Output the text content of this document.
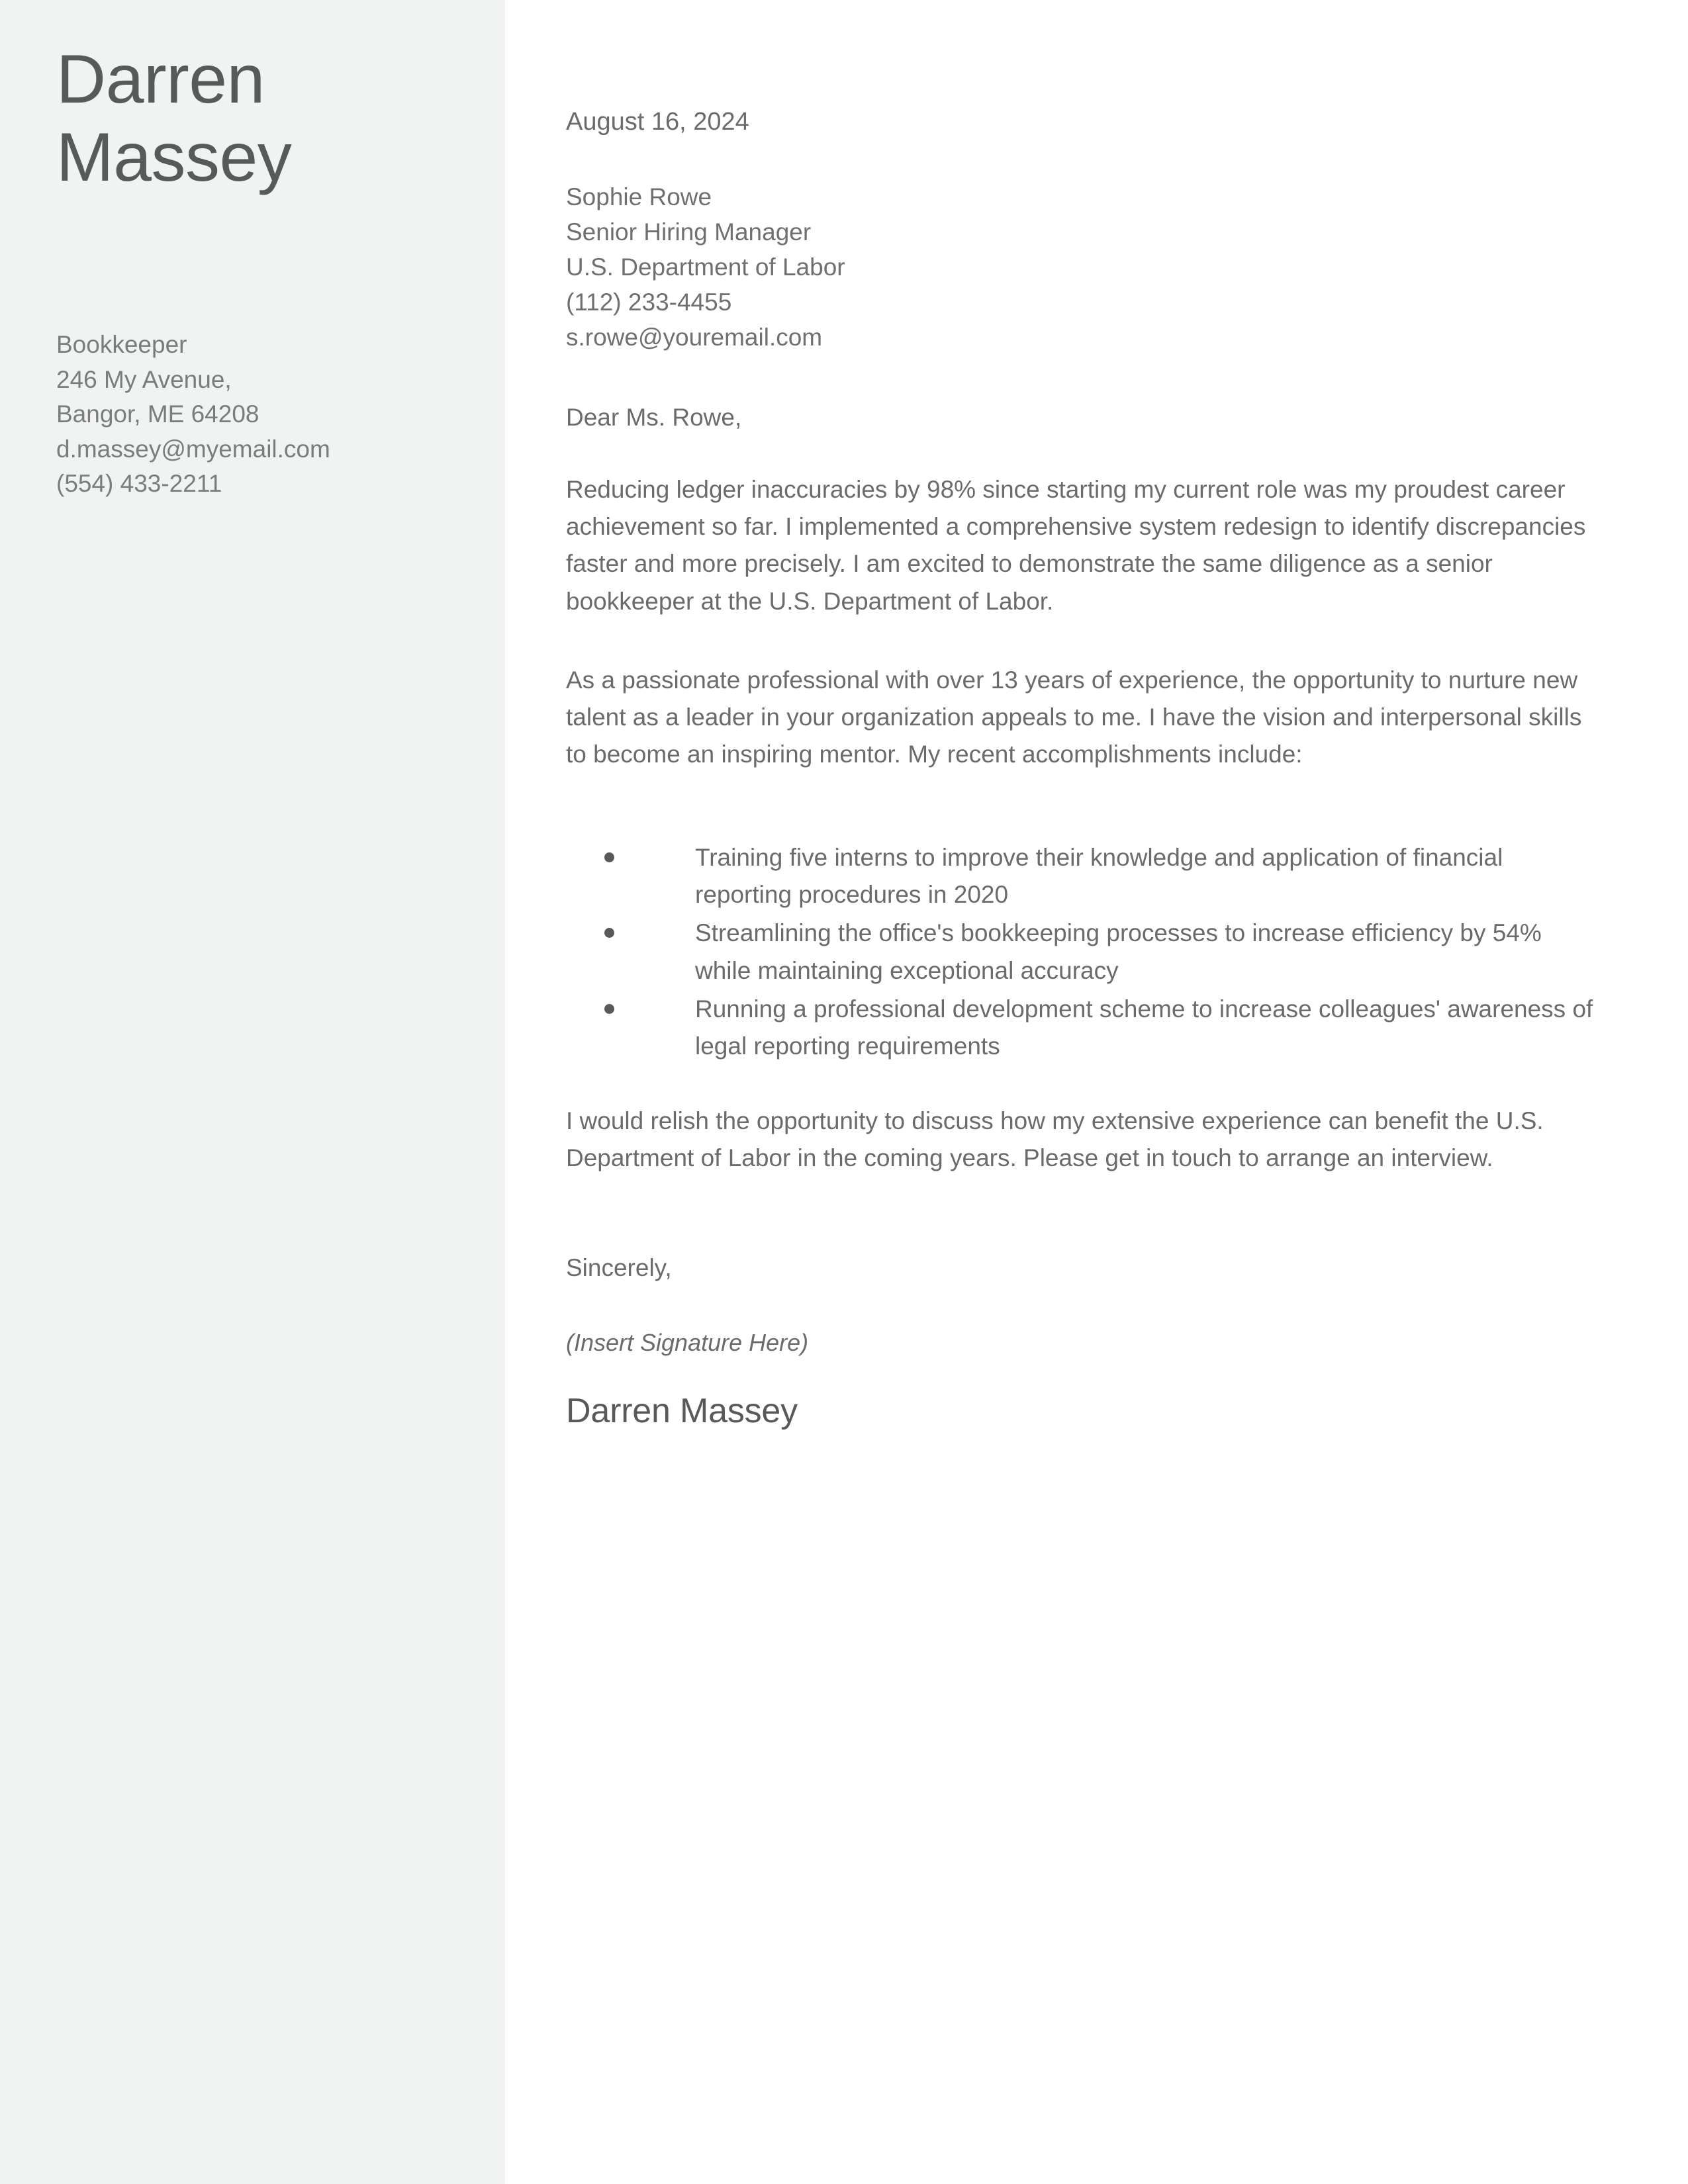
Darren
Massey
Bookkeeper
246 My Avenue,
Bangor, ME 64208
d.massey@myemail.com
(554) 433-2211
August 16, 2024
Sophie Rowe
Senior Hiring Manager
U.S. Department of Labor
(112) 233-4455
s.rowe@youremail.com
Dear Ms. Rowe,
Reducing ledger inaccuracies by 98% since starting my current role was my proudest career achievement so far. I implemented a comprehensive system redesign to identify discrepancies faster and more precisely. I am excited to demonstrate the same diligence as a senior bookkeeper at the U.S. Department of Labor.
As a passionate professional with over 13 years of experience, the opportunity to nurture new talent as a leader in your organization appeals to me. I have the vision and interpersonal skills to become an inspiring mentor. My recent accomplishments include:
Training five interns to improve their knowledge and application of financial reporting procedures in 2020
Streamlining the office's bookkeeping processes to increase efficiency by 54% while maintaining exceptional accuracy
Running a professional development scheme to increase colleagues' awareness of legal reporting requirements
I would relish the opportunity to discuss how my extensive experience can benefit the U.S. Department of Labor in the coming years. Please get in touch to arrange an interview.
Sincerely,
(Insert Signature Here)
Darren Massey
